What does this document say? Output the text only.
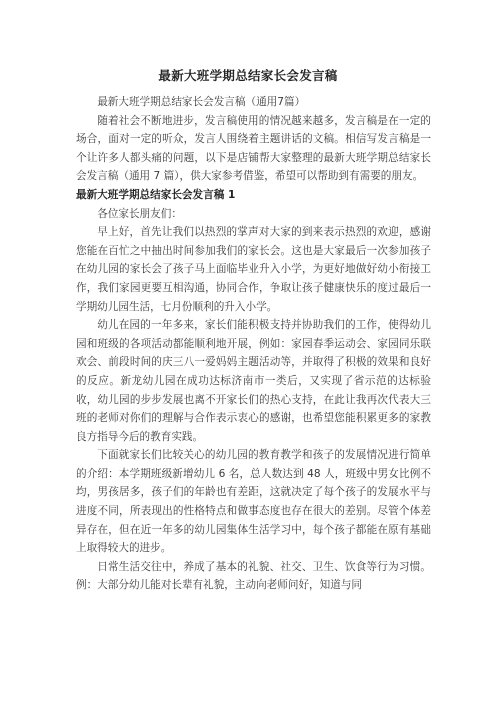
最新大班学期总结家长会发言稿

最新大班学期总结家长会发言稿（通用7篇）

随着社会不断地进步，发言稿使用的情况越来越多，发言稿是在一定的场合，面对一定的听众，发言人围绕着主题讲话的文稿。相信写发言稿是一个让许多人都头痛的问题，以下是店铺帮大家整理的最新大班学期总结家长会发言稿（通用 7 篇），供大家参考借鉴，希望可以帮助到有需要的朋友。

最新大班学期总结家长会发言稿 1

各位家长朋友们：

早上好，首先让我们以热烈的掌声对大家的到来表示热烈的欢迎，感谢您能在百忙之中抽出时间参加我们的家长会。这也是大家最后一次参加孩子在幼儿园的家长会了孩子马上面临毕业升入小学，为更好地做好幼小衔接工作，我们家园更要互相沟通，协同合作，争取让孩子健康快乐的度过最后一学期幼儿园生活，七月份顺利的升入小学。

幼儿在园的一年多来，家长们能积极支持并协助我们的工作，使得幼儿园和班级的各项活动都能顺利地开展，例如：家园春季运动会、家园同乐联欢会、前段时间的庆三八一爱妈妈主题活动等，并取得了积极的效果和良好的反应。新龙幼儿园在成功达标济南市一类后，又实现了省示范的达标验收，幼儿园的步步发展也离不开家长们的热心支持，在此让我再次代表大三班的老师对你们的理解与合作表示衷心的感谢，也希望您能积累更多的家教良方指导今后的教育实践。

下面就家长们比较关心的幼儿园的教育教学和孩子的发展情况进行简单的介绍：本学期班级新增幼儿 6 名，总人数达到 48 人，班级中男女比例不均，男孩居多，孩子们的年龄也有差距，这就决定了每个孩子的发展水平与进度不同，所表现出的性格特点和做事态度也存在很大的差别。尽管个体差异存在，但在近一年多的幼儿园集体生活学习中，每个孩子都能在原有基础上取得较大的进步。

日常生活交往中，养成了基本的礼貌、社交、卫生、饮食等行为习惯。例：大部分幼儿能对长辈有礼貌，主动向老师问好，知道与同
